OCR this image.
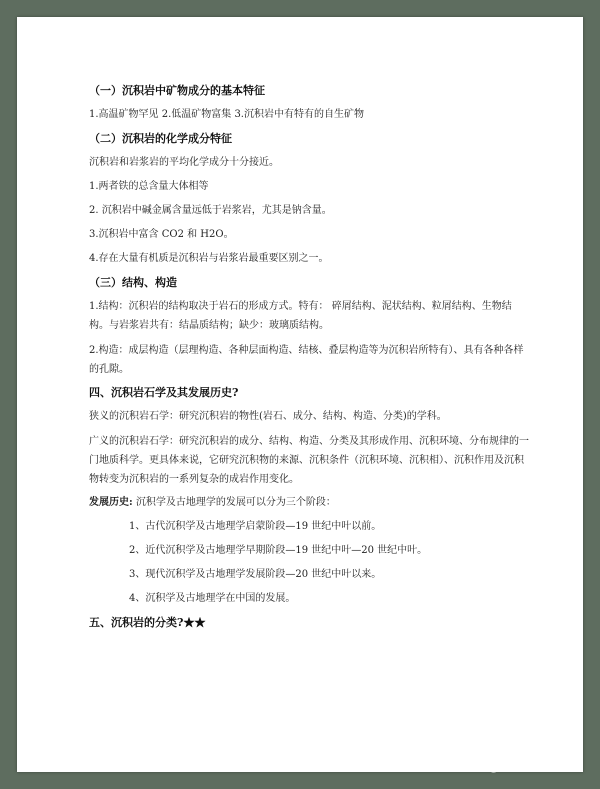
（一）沉积岩中矿物成分的基本特征

1.高温矿物罕见 2.低温矿物富集 3.沉积岩中有特有的自生矿物

（二）沉积岩的化学成分特征

沉积岩和岩浆岩的平均化学成分十分接近。

1.两者铁的总含量大体相等

2. 沉积岩中碱金属含量远低于岩浆岩，尤其是钠含量。

3.沉积岩中富含 CO2 和 H2O。

4.存在大量有机质是沉积岩与岩浆岩最重要区别之一。

（三）结构、构造

1.结构：沉积岩的结构取决于岩石的形成方式。特有： 碎屑结构、泥状结构、粒屑结构、生物结构。与岩浆岩共有：结晶质结构；缺少：玻璃质结构。

2.构造：成层构造（层理构造、各种层面构造、结核、叠层构造等为沉积岩所特有）、具有各种各样的孔隙。

四、沉积岩石学及其发展历史?

狭义的沉积岩石学：研究沉积岩的物性(岩石、成分、结构、构造、分类)的学科。

广义的沉积岩石学：研究沉积岩的成分、结构、构造、分类及其形成作用、沉积环境、分布规律的一门地质科学。更具体来说，它研究沉积物的来源、沉积条件（沉积环境、沉积相）、沉积作用及沉积物转变为沉积岩的一系列复杂的成岩作用变化。

发展历史: 沉积学及古地理学的发展可以分为三个阶段：

1、古代沉积学及古地理学启蒙阶段—19 世纪中叶以前。

2、近代沉积学及古地理学早期阶段—19 世纪中叶—20 世纪中叶。

3、现代沉积学及古地理学发展阶段—20 世纪中叶以来。

4、沉积学及古地理学在中国的发展。

五、沉积岩的分类?★★

知乎 @大学资料库
